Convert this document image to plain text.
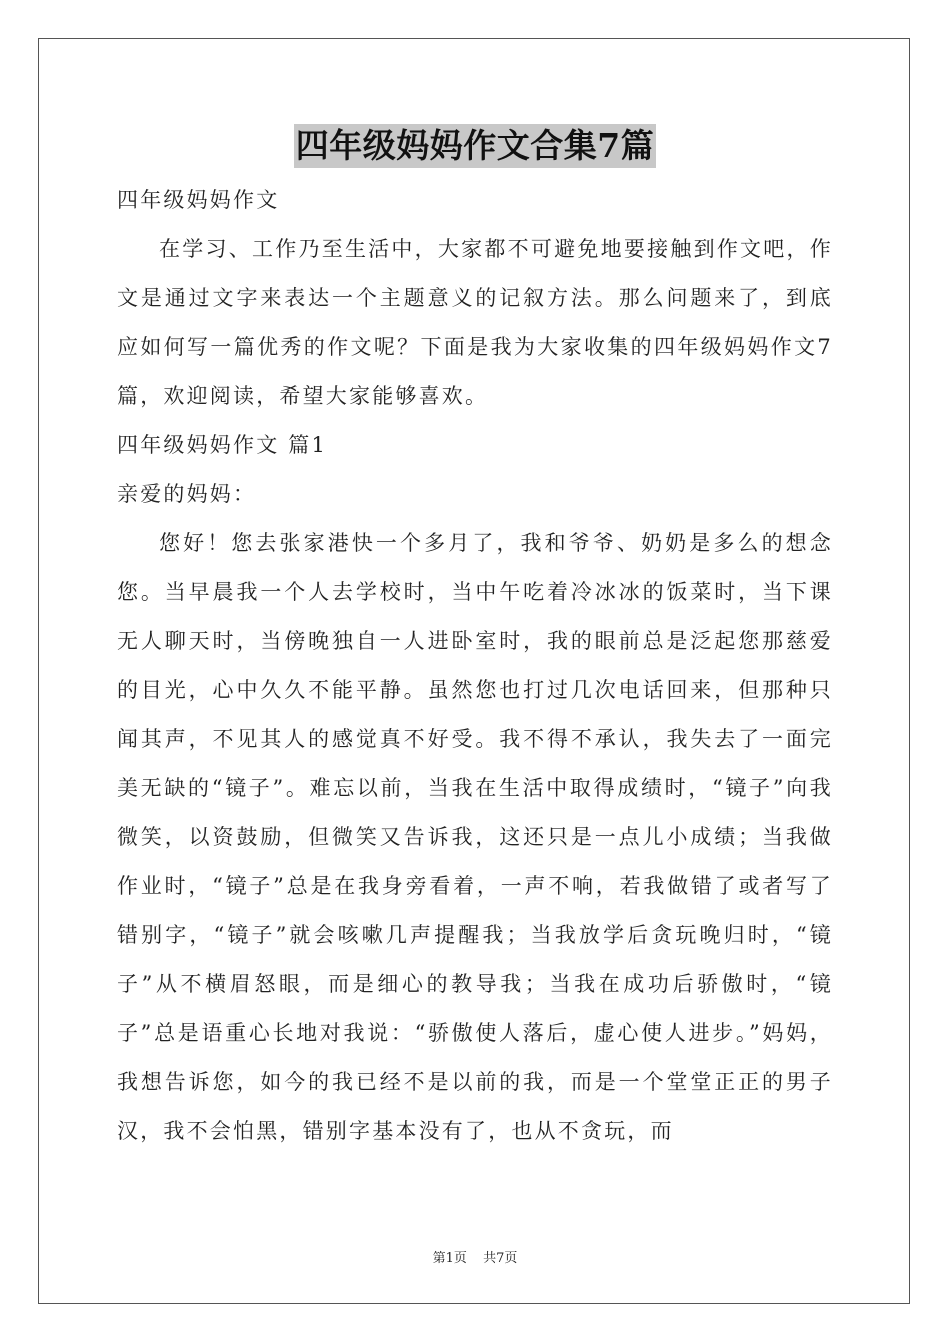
四年级妈妈作文合集7篇

四年级妈妈作文

在学习、工作乃至生活中，大家都不可避免地要接触到作文吧，作文是通过文字来表达一个主题意义的记叙方法。那么问题来了，到底应如何写一篇优秀的作文呢？下面是我为大家收集的四年级妈妈作文7篇，欢迎阅读，希望大家能够喜欢。

四年级妈妈作文 篇1

亲爱的妈妈：

您好！您去张家港快一个多月了，我和爷爷、奶奶是多么的想念您。当早晨我一个人去学校时，当中午吃着冷冰冰的饭菜时，当下课无人聊天时，当傍晚独自一人进卧室时，我的眼前总是泛起您那慈爱的目光，心中久久不能平静。虽然您也打过几次电话回来，但那种只闻其声，不见其人的感觉真不好受。我不得不承认，我失去了一面完美无缺的“镜子”。难忘以前，当我在生活中取得成绩时，“镜子”向我微笑，以资鼓励，但微笑又告诉我，这还只是一点儿小成绩；当我做作业时，“镜子”总是在我身旁看着，一声不响，若我做错了或者写了错别字，“镜子”就会咳嗽几声提醒我；当我放学后贪玩晚归时，“镜子”从不横眉怒眼，而是细心的教导我；当我在成功后骄傲时，“镜子”总是语重心长地对我说：“骄傲使人落后，虚心使人进步。”妈妈，我想告诉您，如今的我已经不是以前的我，而是一个堂堂正正的男子汉，我不会怕黑，错别字基本没有了，也从不贪玩，而

第1页 共7页
